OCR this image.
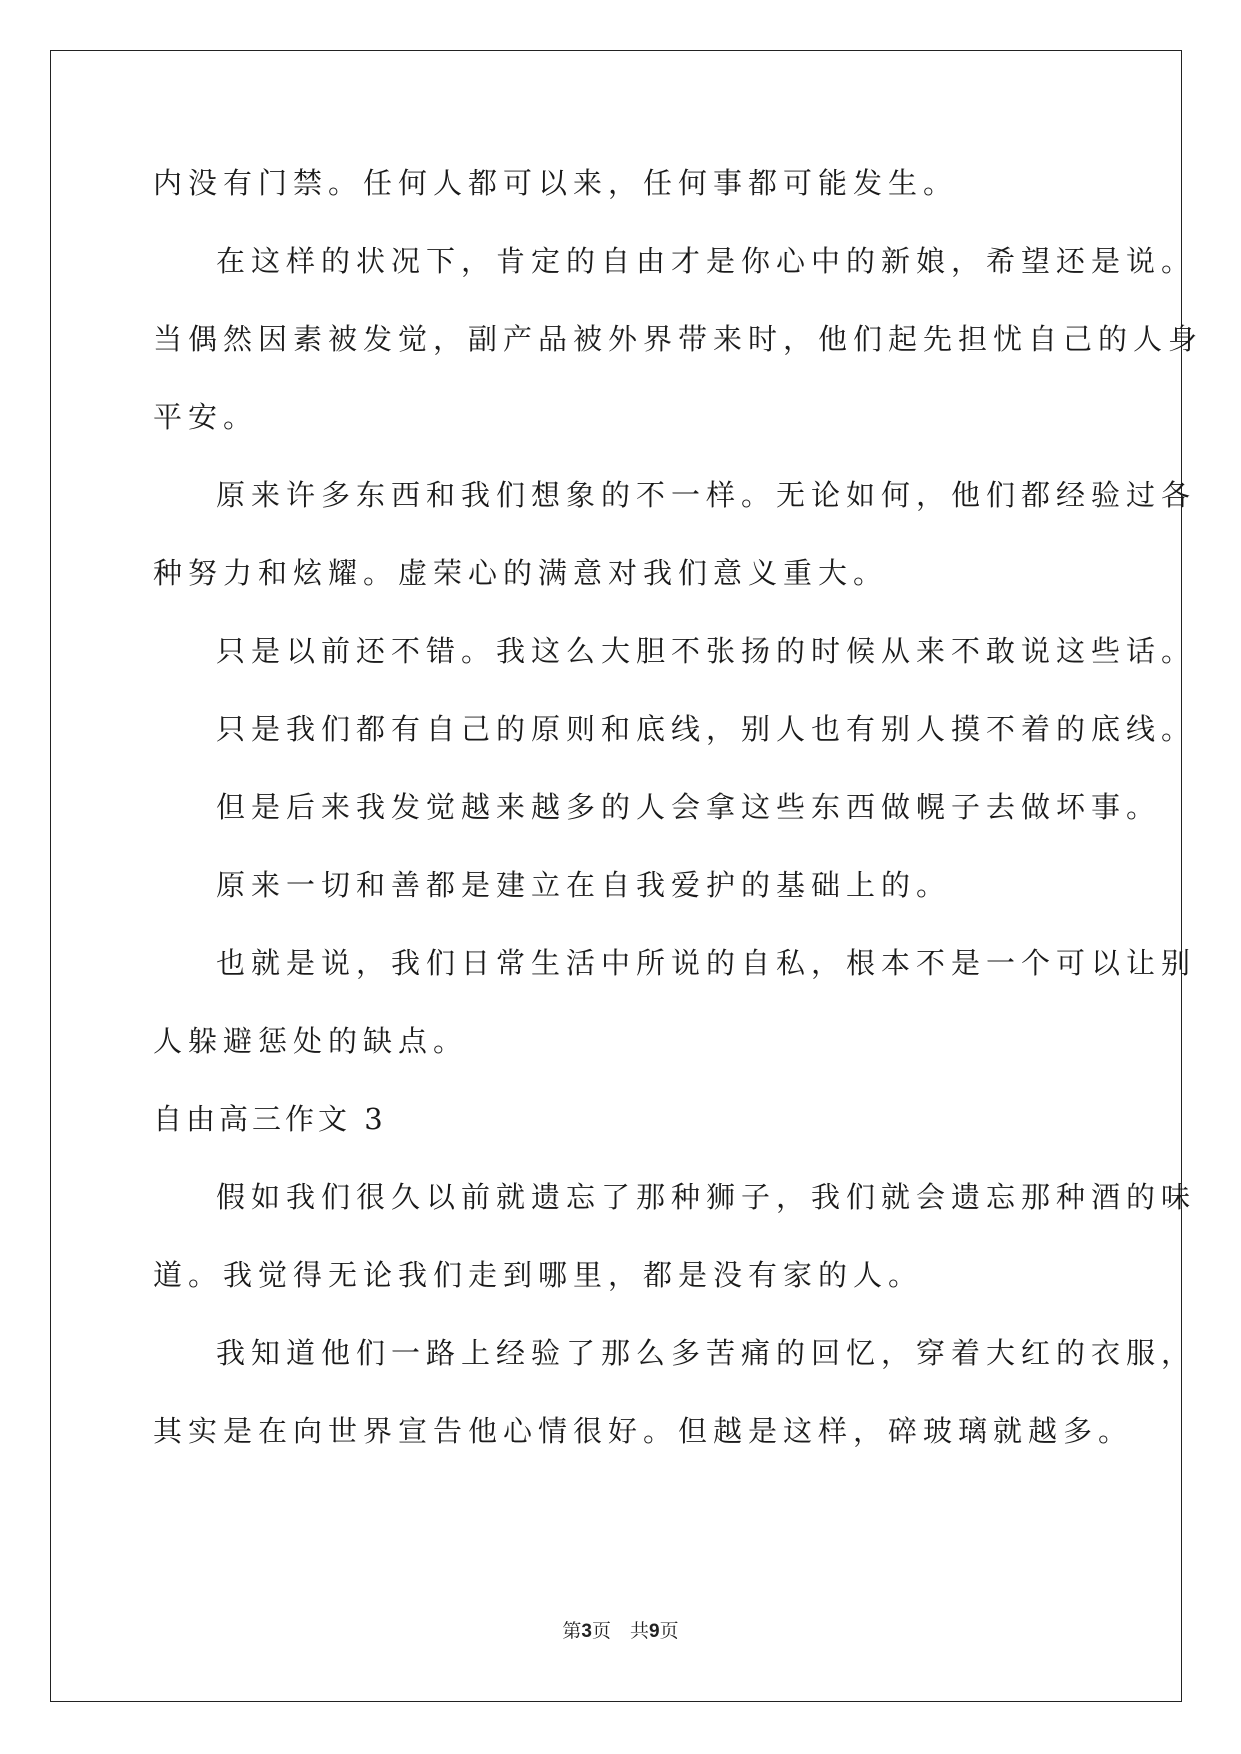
内没有门禁。任何人都可以来，任何事都可能发生。
在这样的状况下，肯定的自由才是你心中的新娘，希望还是说。
当偶然因素被发觉，副产品被外界带来时，他们起先担忧自己的人身
平安。
原来许多东西和我们想象的不一样。无论如何，他们都经验过各
种努力和炫耀。虚荣心的满意对我们意义重大。
只是以前还不错。我这么大胆不张扬的时候从来不敢说这些话。
只是我们都有自己的原则和底线，别人也有别人摸不着的底线。
但是后来我发觉越来越多的人会拿这些东西做幌子去做坏事。
原来一切和善都是建立在自我爱护的基础上的。
也就是说，我们日常生活中所说的自私，根本不是一个可以让别
人躲避惩处的缺点。
自由高三作文 3
假如我们很久以前就遗忘了那种狮子，我们就会遗忘那种酒的味
道。我觉得无论我们走到哪里，都是没有家的人。
我知道他们一路上经验了那么多苦痛的回忆，穿着大红的衣服，
其实是在向世界宣告他心情很好。但越是这样，碎玻璃就越多。
第3页　共9页
